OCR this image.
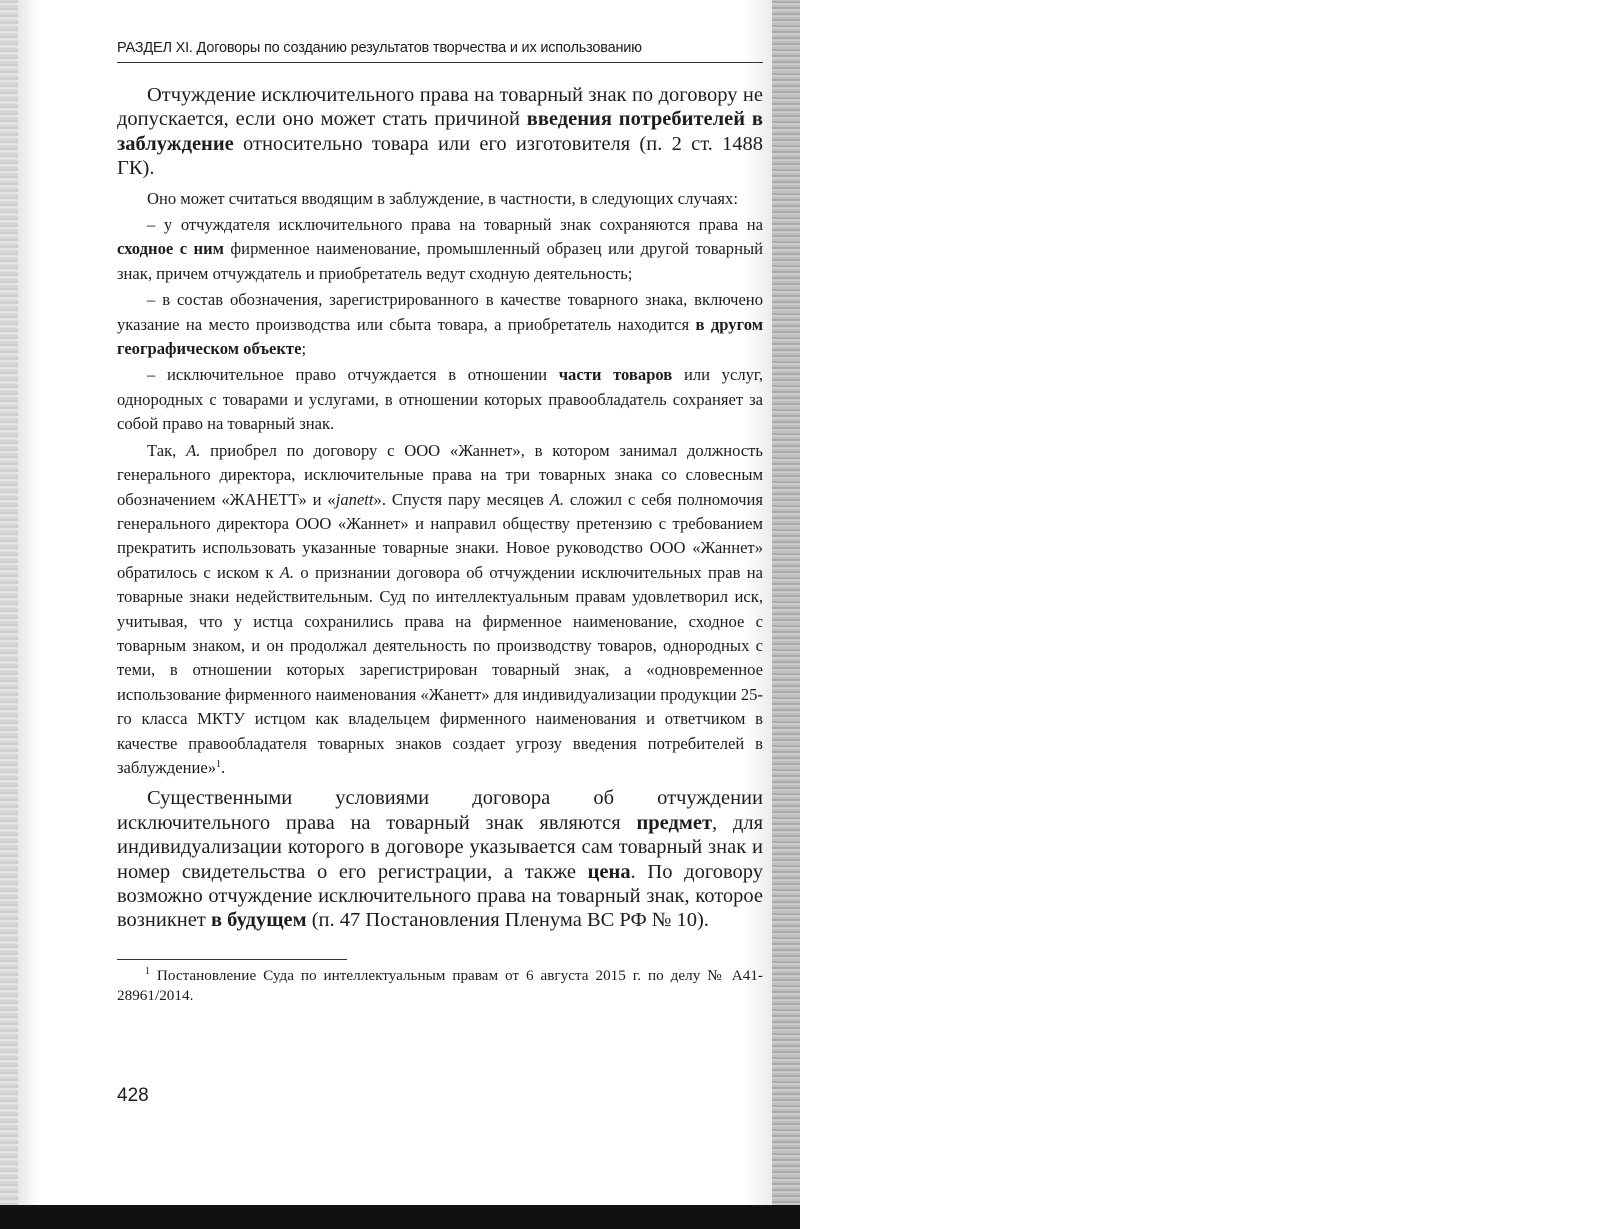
РАЗДЕЛ XI. Договоры по созданию результатов творчества и их использованию

Отчуждение исключительного права на товарный знак по договору не допускается, если оно может стать причиной введения потребителей в заблуждение относительно товара или его изготовителя (п. 2 ст. 1488 ГК).

Оно может считаться вводящим в заблуждение, в частности, в следующих случаях:

– у отчуждателя исключительного права на товарный знак сохраняются права на сходное с ним фирменное наименование, промышленный образец или другой товарный знак, причем отчуждатель и приобретатель ведут сходную деятельность;

– в состав обозначения, зарегистрированного в качестве товарного знака, включено указание на место производства или сбыта товара, а приобретатель находится в другом географическом объекте;

– исключительное право отчуждается в отношении части товаров или услуг, однородных с товарами и услугами, в отношении которых правообладатель сохраняет за собой право на товарный знак.

Так, А. приобрел по договору с ООО «Жаннет», в котором занимал должность генерального директора, исключительные права на три товарных знака со словесным обозначением «ЖАНЕТТ» и «janett». Спустя пару месяцев А. сложил с себя полномочия генерального директора ООО «Жаннет» и направил обществу претензию с требованием прекратить использовать указанные товарные знаки. Новое руководство ООО «Жаннет» обратилось с иском к А. о признании договора об отчуждении исключительных прав на товарные знаки недействительным. Суд по интеллектуальным правам удовлетворил иск, учитывая, что у истца сохранились права на фирменное наименование, сходное с товарным знаком, и он продолжал деятельность по производству товаров, однородных с теми, в отношении которых зарегистрирован товарный знак, а «одновременное использование фирменного наименования «Жанетт» для индивидуализации продукции 25-го класса МКТУ истцом как владельцем фирменного наименования и ответчиком в качестве правообладателя товарных знаков создает угрозу введения потребителей в заблуждение»$^1$.

Существенными условиями договора об отчуждении исключительного права на товарный знак являются предмет, для индивидуализации которого в договоре указывается сам товарный знак и номер свидетельства о его регистрации, а также цена. По договору возможно отчуждение исключительного права на товарный знак, которое возникнет в будущем (п. 47 Постановления Пленума ВС РФ № 10).

$^1$ Постановление Суда по интеллектуальным правам от 6 августа 2015 г. по делу № А41-28961/2014.

428
